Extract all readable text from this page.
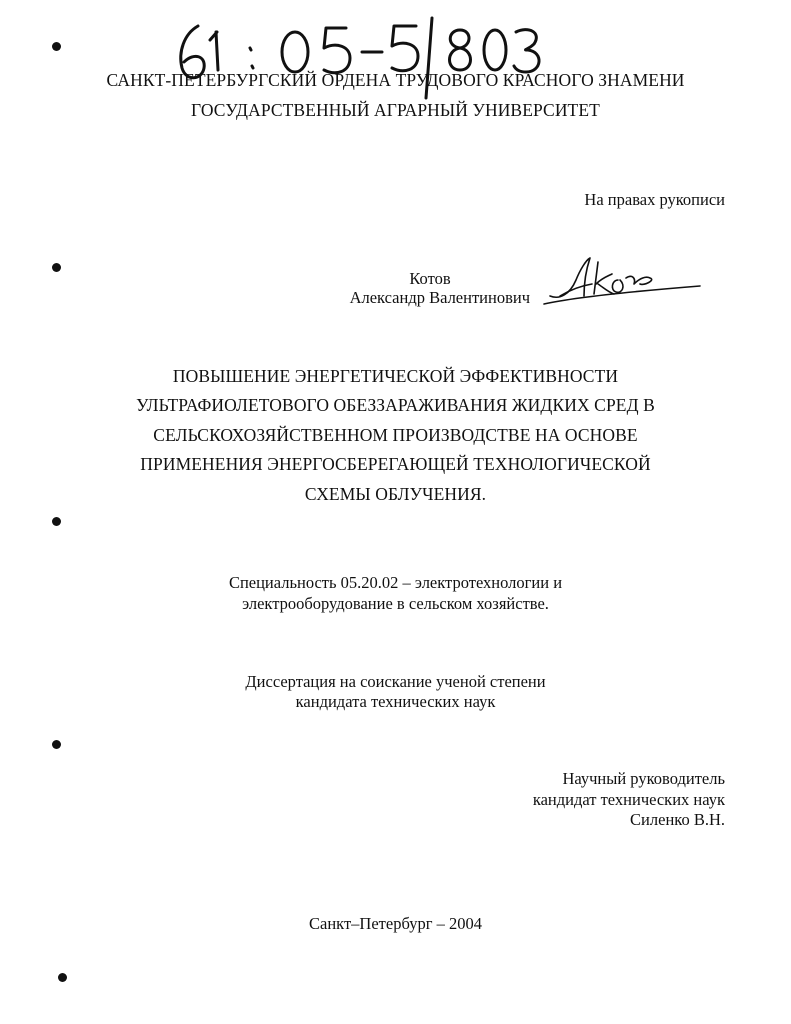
САНКТ-ПЕТЕРБУРГСКИЙ ОРДЕНА ТРУДОВОГО КРАСНОГО ЗНАМЕНИ
ГОСУДАРСТВЕННЫЙ АГРАРНЫЙ УНИВЕРСИТЕТ
На правах рукописи
Котов
Александр Валентинович
ПОВЫШЕНИЕ ЭНЕРГЕТИЧЕСКОЙ ЭФФЕКТИВНОСТИ
УЛЬТРАФИОЛЕТОВОГО ОБЕЗЗАРАЖИВАНИЯ ЖИДКИХ СРЕД В
СЕЛЬСКОХОЗЯЙСТВЕННОМ ПРОИЗВОДСТВЕ НА ОСНОВЕ
ПРИМЕНЕНИЯ ЭНЕРГОСБЕРЕГАЮЩЕЙ ТЕХНОЛОГИЧЕСКОЙ
СХЕМЫ ОБЛУЧЕНИЯ.
Специальность 05.20.02 – электротехнологии и
электрооборудование в сельском хозяйстве.
Диссертация на соискание ученой степени
кандидата технических наук
Научный руководитель
кандидат технических наук
Силенко В.Н.
Санкт–Петербург – 2004
